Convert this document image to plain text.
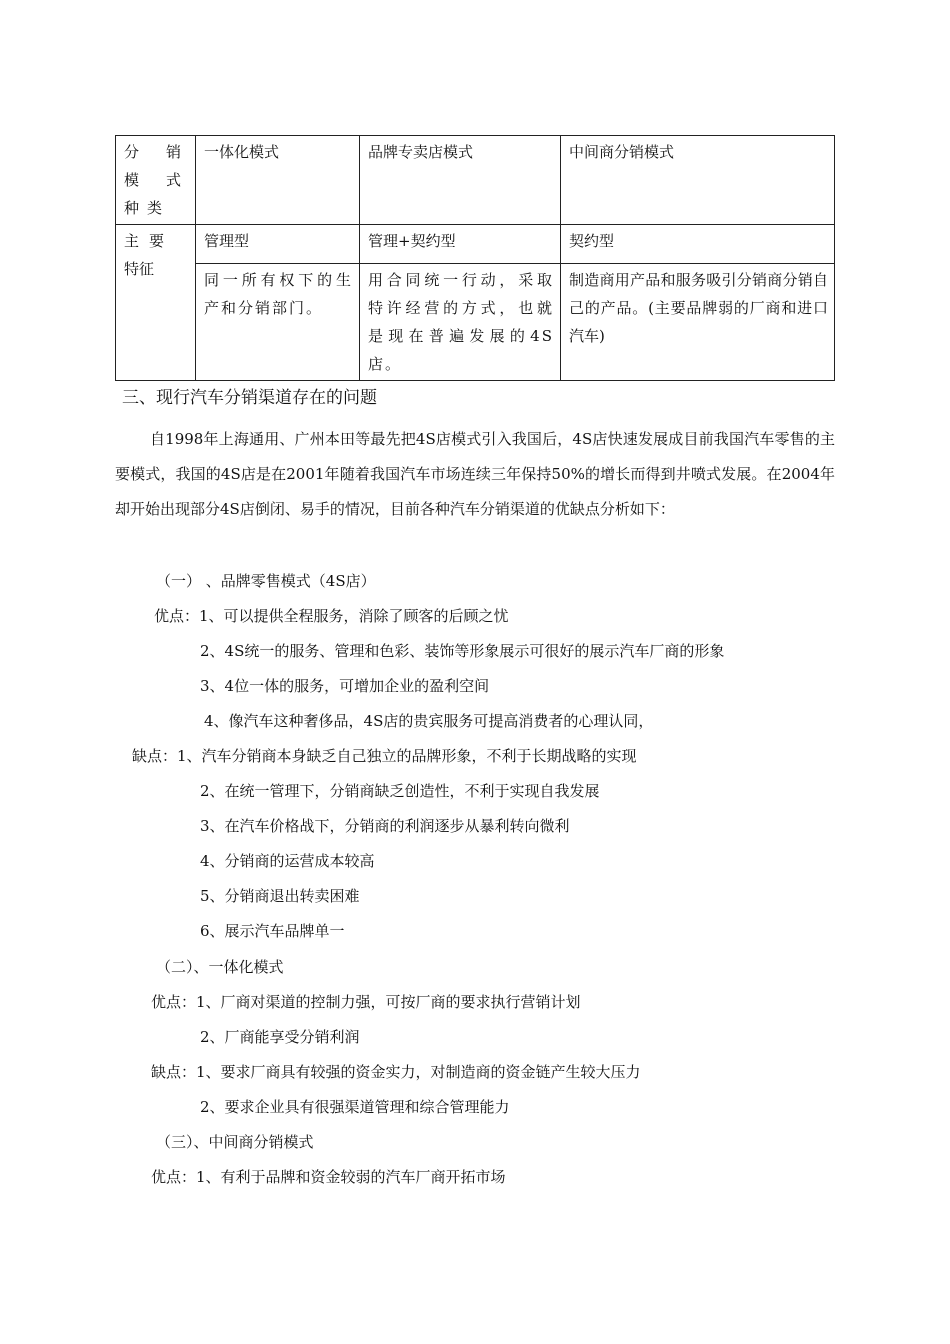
分 销 模式种类	一体化模式	品牌专卖店模式	中间商分销模式

主要特征	管理型	管理+契约型	契约型
	同一所有权下的生产和分销部门。	用合同统一行动，采取特许经营的方式，也就是现在普遍发展的4S店。	制造商用产品和服务吸引分销商分销自己的产品。(主要品牌弱的厂商和进口汽车)
三、现行汽车分销渠道存在的问题
自1998年上海通用、广州本田等最先把4S店模式引入我国后，4S店快速发展成目前我国汽车零售的主要模式，我国的4S店是在2001年随着我国汽车市场连续三年保持50%的增长而得到井喷式发展。在2004年却开始出现部分4S店倒闭、易手的情况，目前各种汽车分销渠道的优缺点分析如下：
（一） 、品牌零售模式（4S店）
优点：1、可以提供全程服务，消除了顾客的后顾之忧
2、4S统一的服务、管理和色彩、装饰等形象展示可很好的展示汽车厂商的形象
3、4位一体的服务，可增加企业的盈利空间
4、像汽车这种奢侈品，4S店的贵宾服务可提高消费者的心理认同，
缺点：1、汽车分销商本身缺乏自己独立的品牌形象，不利于长期战略的实现
2、在统一管理下，分销商缺乏创造性，不利于实现自我发展
3、在汽车价格战下，分销商的利润逐步从暴利转向微利
4、分销商的运营成本较高
5、分销商退出转卖困难
6、展示汽车品牌单一
（二）、一体化模式
优点：1、厂商对渠道的控制力强，可按厂商的要求执行营销计划
2、厂商能享受分销利润
缺点：1、要求厂商具有较强的资金实力，对制造商的资金链产生较大压力
2、要求企业具有很强渠道管理和综合管理能力
（三）、中间商分销模式
优点：1、有利于品牌和资金较弱的汽车厂商开拓市场
